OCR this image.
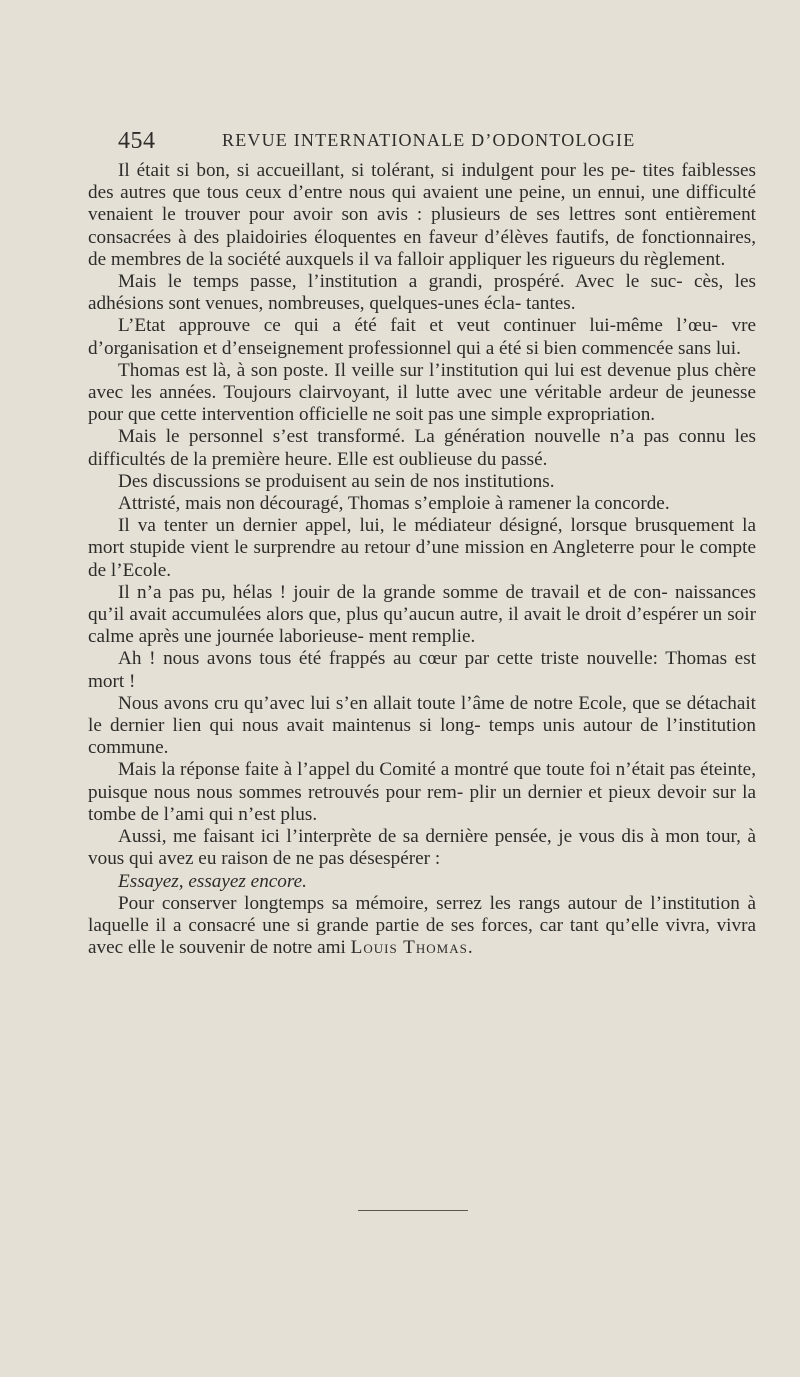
454	REVUE INTERNATIONALE D’ODONTOLOGIE

Il était si bon, si accueillant, si tolérant, si indulgent pour les pe- tites faiblesses des autres que tous ceux d’entre nous qui avaient une peine, un ennui, une difficulté venaient le trouver pour avoir son avis : plusieurs de ses lettres sont entièrement consacrées à des plaidoiries éloquentes en faveur d’élèves fautifs, de fonctionnaires, de membres de la société auxquels il va falloir appliquer les rigueurs du règlement.

Mais le temps passe, l’institution a grandi, prospéré. Avec le suc- cès, les adhésions sont venues, nombreuses, quelques-unes écla- tantes.

L’Etat approuve ce qui a été fait et veut continuer lui-même l’œu- vre d’organisation et d’enseignement professionnel qui a été si bien commencée sans lui.

Thomas est là, à son poste. Il veille sur l’institution qui lui est devenue plus chère avec les années. Toujours clairvoyant, il lutte avec une véritable ardeur de jeunesse pour que cette intervention officielle ne soit pas une simple expropriation.

Mais le personnel s’est transformé. La génération nouvelle n’a pas connu les difficultés de la première heure. Elle est oublieuse du passé.

Des discussions se produisent au sein de nos institutions.

Attristé, mais non découragé, Thomas s’emploie à ramener la concorde.

Il va tenter un dernier appel, lui, le médiateur désigné, lorsque brusquement la mort stupide vient le surprendre au retour d’une mission en Angleterre pour le compte de l’Ecole.

Il n’a pas pu, hélas ! jouir de la grande somme de travail et de con- naissances qu’il avait accumulées alors que, plus qu’aucun autre, il avait le droit d’espérer un soir calme après une journée laborieuse- ment remplie.

Ah ! nous avons tous été frappés au cœur par cette triste nouvelle: Thomas est mort !

Nous avons cru qu’avec lui s’en allait toute l’âme de notre Ecole, que se détachait le dernier lien qui nous avait maintenus si long- temps unis autour de l’institution commune.

Mais la réponse faite à l’appel du Comité a montré que toute foi n’était pas éteinte, puisque nous nous sommes retrouvés pour rem- plir un dernier et pieux devoir sur la tombe de l’ami qui n’est plus.

Aussi, me faisant ici l’interprète de sa dernière pensée, je vous dis à mon tour, à vous qui avez eu raison de ne pas désespérer :

Essayez, essayez encore.

Pour conserver longtemps sa mémoire, serrez les rangs autour de l’institution à laquelle il a consacré une si grande partie de ses forces, car tant qu’elle vivra, vivra avec elle le souvenir de notre ami Louis Thomas.
